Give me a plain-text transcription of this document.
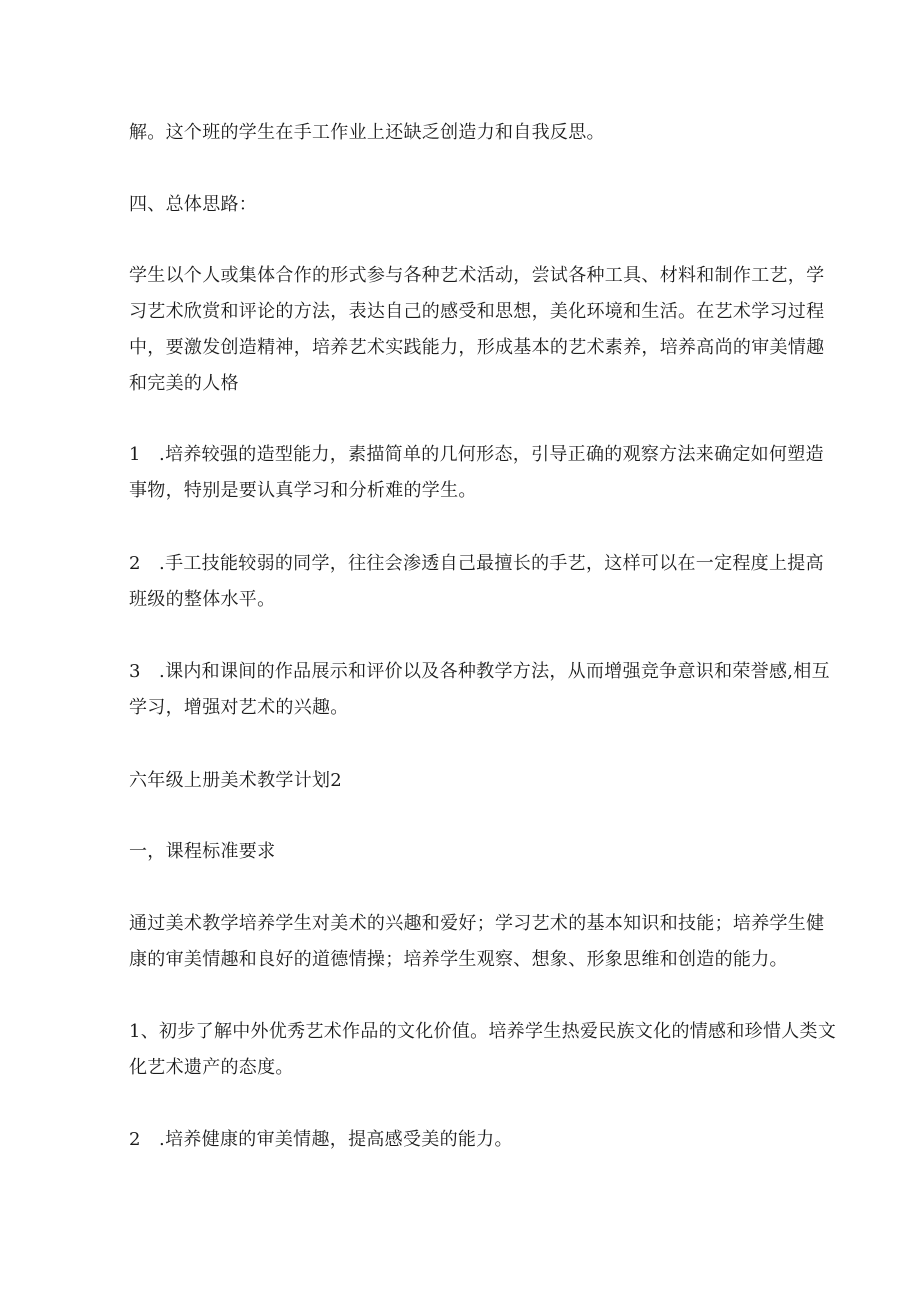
解。这个班的学生在手工作业上还缺乏创造力和自我反思。
四、总体思路：
学生以个人或集体合作的形式参与各种艺术活动，尝试各种工具、材料和制作工艺，学
习艺术欣赏和评论的方法，表达自己的感受和思想，美化环境和生活。在艺术学习过程
中，要激发创造精神，培养艺术实践能力，形成基本的艺术素养，培养高尚的审美情趣
和完美的人格
1　.培养较强的造型能力，素描简单的几何形态，引导正确的观察方法来确定如何塑造
事物，特别是要认真学习和分析难的学生。
2　.手工技能较弱的同学，往往会渗透自己最擅长的手艺，这样可以在一定程度上提高
班级的整体水平。
3　.课内和课间的作品展示和评价以及各种教学方法，从而增强竞争意识和荣誉感,相互
学习，增强对艺术的兴趣。
六年级上册美术教学计划2
一，课程标准要求
通过美术教学培养学生对美术的兴趣和爱好；学习艺术的基本知识和技能；培养学生健
康的审美情趣和良好的道德情操；培养学生观察、想象、形象思维和创造的能力。
1、初步了解中外优秀艺术作品的文化价值。培养学生热爱民族文化的情感和珍惜人类文
化艺术遗产的态度。
2　.培养健康的审美情趣，提高感受美的能力。
